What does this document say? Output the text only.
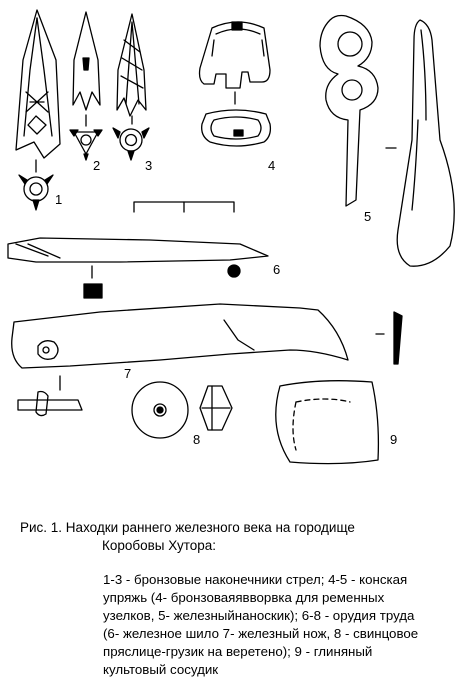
1
2	3	4
5
6
7
8	9
Рис. 1. Находки раннего железного века на городище
Коробовы Хутора:
1-3 - бронзовые наконечники стрел; 4-5 - конская
упряжь (4- бронзоваяявворвка для ременных
узелков, 5- железныйнаноскик); 6-8 - орудия труда
(6- железное шило 7- железный нож, 8 - свинцовое
пряслице-грузик на веретено); 9 - глиняный
культовый сосудик
